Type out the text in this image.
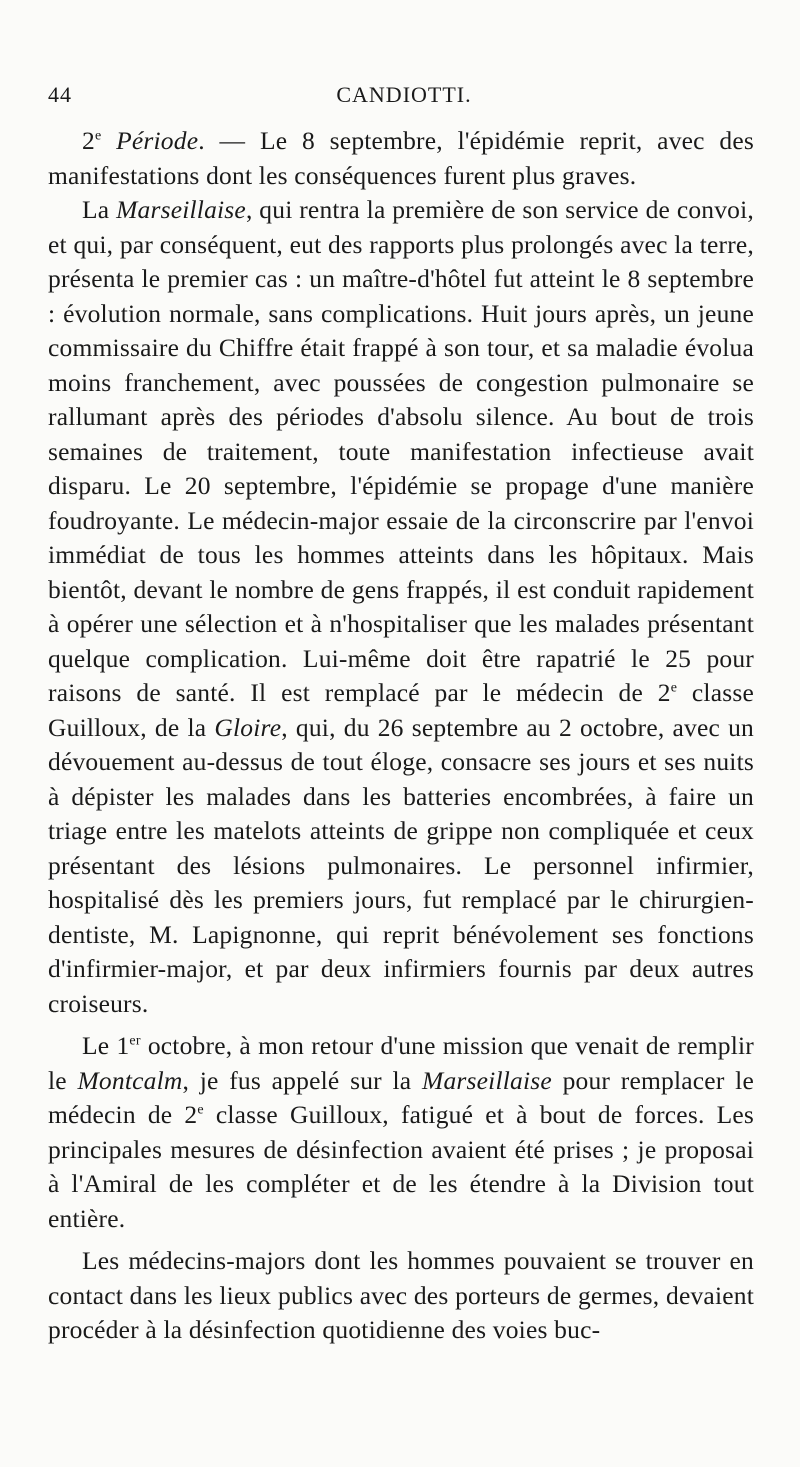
44	CANDIOTTI.

2e Période. — Le 8 septembre, l'épidémie reprit, avec des manifestations dont les conséquences furent plus graves.

La Marseillaise, qui rentra la première de son service de convoi, et qui, par conséquent, eut des rapports plus prolongés avec la terre, présenta le premier cas : un maître-d'hôtel fut atteint le 8 septembre : évolution normale, sans complications. Huit jours après, un jeune commissaire du Chiffre était frappé à son tour, et sa maladie évolua moins franchement, avec poussées de congestion pulmonaire se rallumant après des périodes d'absolu silence. Au bout de trois semaines de traitement, toute manifestation infectieuse avait disparu. Le 20 septembre, l'épidémie se propage d'une manière foudroyante. Le médecin-major essaie de la circonscrire par l'envoi immédiat de tous les hommes atteints dans les hôpitaux. Mais bientôt, devant le nombre de gens frappés, il est conduit rapidement à opérer une sélection et à n'hospitaliser que les malades présentant quelque complication. Lui-même doit être rapatrié le 25 pour raisons de santé. Il est remplacé par le médecin de 2e classe Guilloux, de la Gloire, qui, du 26 septembre au 2 octobre, avec un dévouement au-dessus de tout éloge, consacre ses jours et ses nuits à dépister les malades dans les batteries encombrées, à faire un triage entre les matelots atteints de grippe non compliquée et ceux présentant des lésions pulmonaires. Le personnel infirmier, hospitalisé dès les premiers jours, fut remplacé par le chirurgien-dentiste, M. Lapignonne, qui reprit bénévolement ses fonctions d'infirmier-major, et par deux infirmiers fournis par deux autres croiseurs.

Le 1er octobre, à mon retour d'une mission que venait de remplir le Montcalm, je fus appelé sur la Marseillaise pour remplacer le médecin de 2e classe Guilloux, fatigué et à bout de forces. Les principales mesures de désinfection avaient été prises ; je proposai à l'Amiral de les compléter et de les étendre à la Division tout entière.

Les médecins-majors dont les hommes pouvaient se trouver en contact dans les lieux publics avec des porteurs de germes, devaient procéder à la désinfection quotidienne des voies buc-
